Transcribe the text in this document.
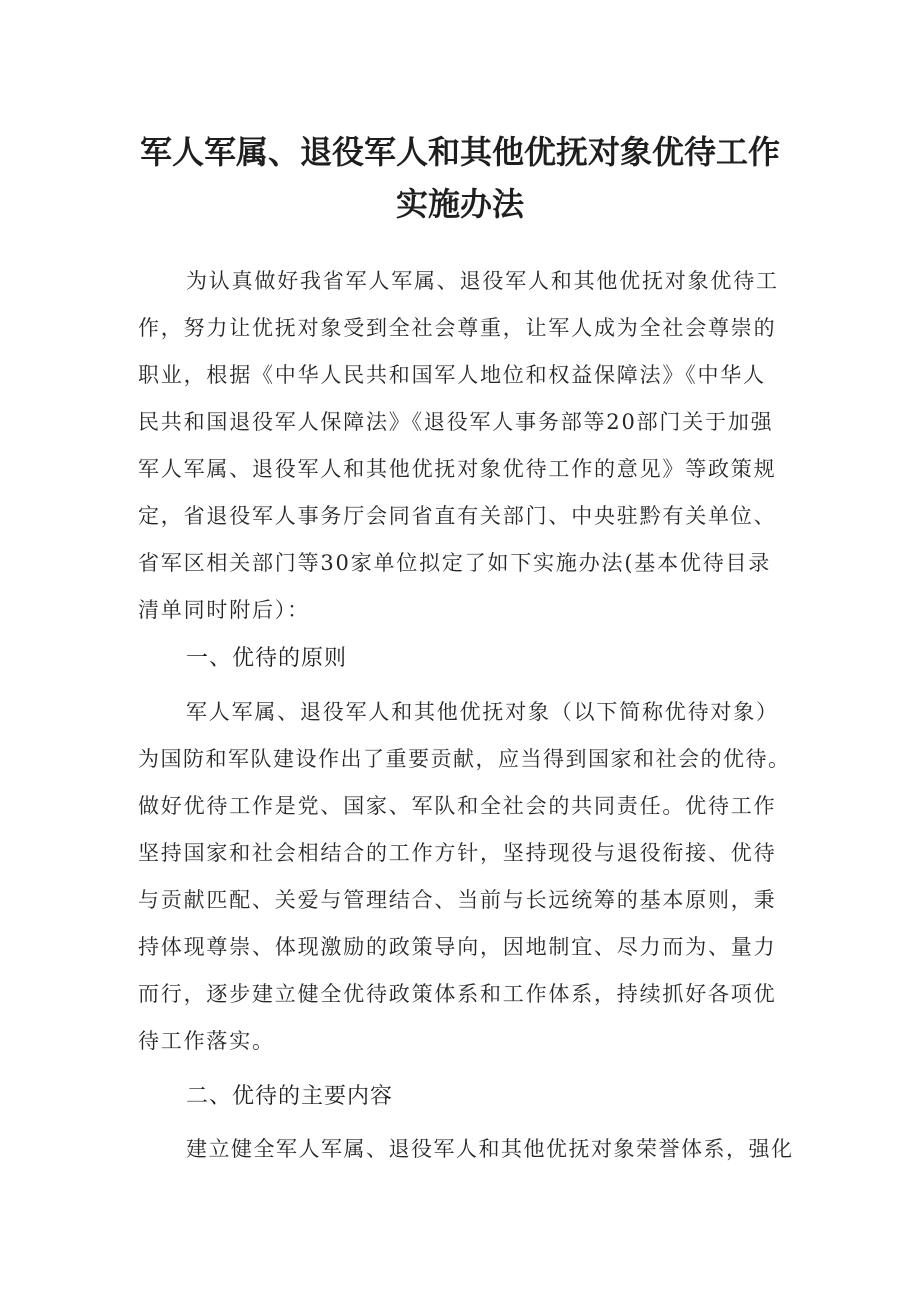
军人军属、退役军人和其他优抚对象优待工作
实施办法
为认真做好我省军人军属、退役军人和其他优抚对象优待工
作，努力让优抚对象受到全社会尊重，让军人成为全社会尊崇的
职业，根据《中华人民共和国军人地位和权益保障法》《中华人
民共和国退役军人保障法》《退役军人事务部等20部门关于加强
军人军属、退役军人和其他优抚对象优待工作的意见》等政策规
定，省退役军人事务厅会同省直有关部门、中央驻黔有关单位、
省军区相关部门等30家单位拟定了如下实施办法(基本优待目录
清单同时附后）：
一、优待的原则
军人军属、退役军人和其他优抚对象（以下简称优待对象）
为国防和军队建设作出了重要贡献，应当得到国家和社会的优待。
做好优待工作是党、国家、军队和全社会的共同责任。优待工作
坚持国家和社会相结合的工作方针，坚持现役与退役衔接、优待
与贡献匹配、关爱与管理结合、当前与长远统筹的基本原则，秉
持体现尊崇、体现激励的政策导向，因地制宜、尽力而为、量力
而行，逐步建立健全优待政策体系和工作体系，持续抓好各项优
待工作落实。
二、优待的主要内容
建立健全军人军属、退役军人和其他优抚对象荣誉体系，强化
